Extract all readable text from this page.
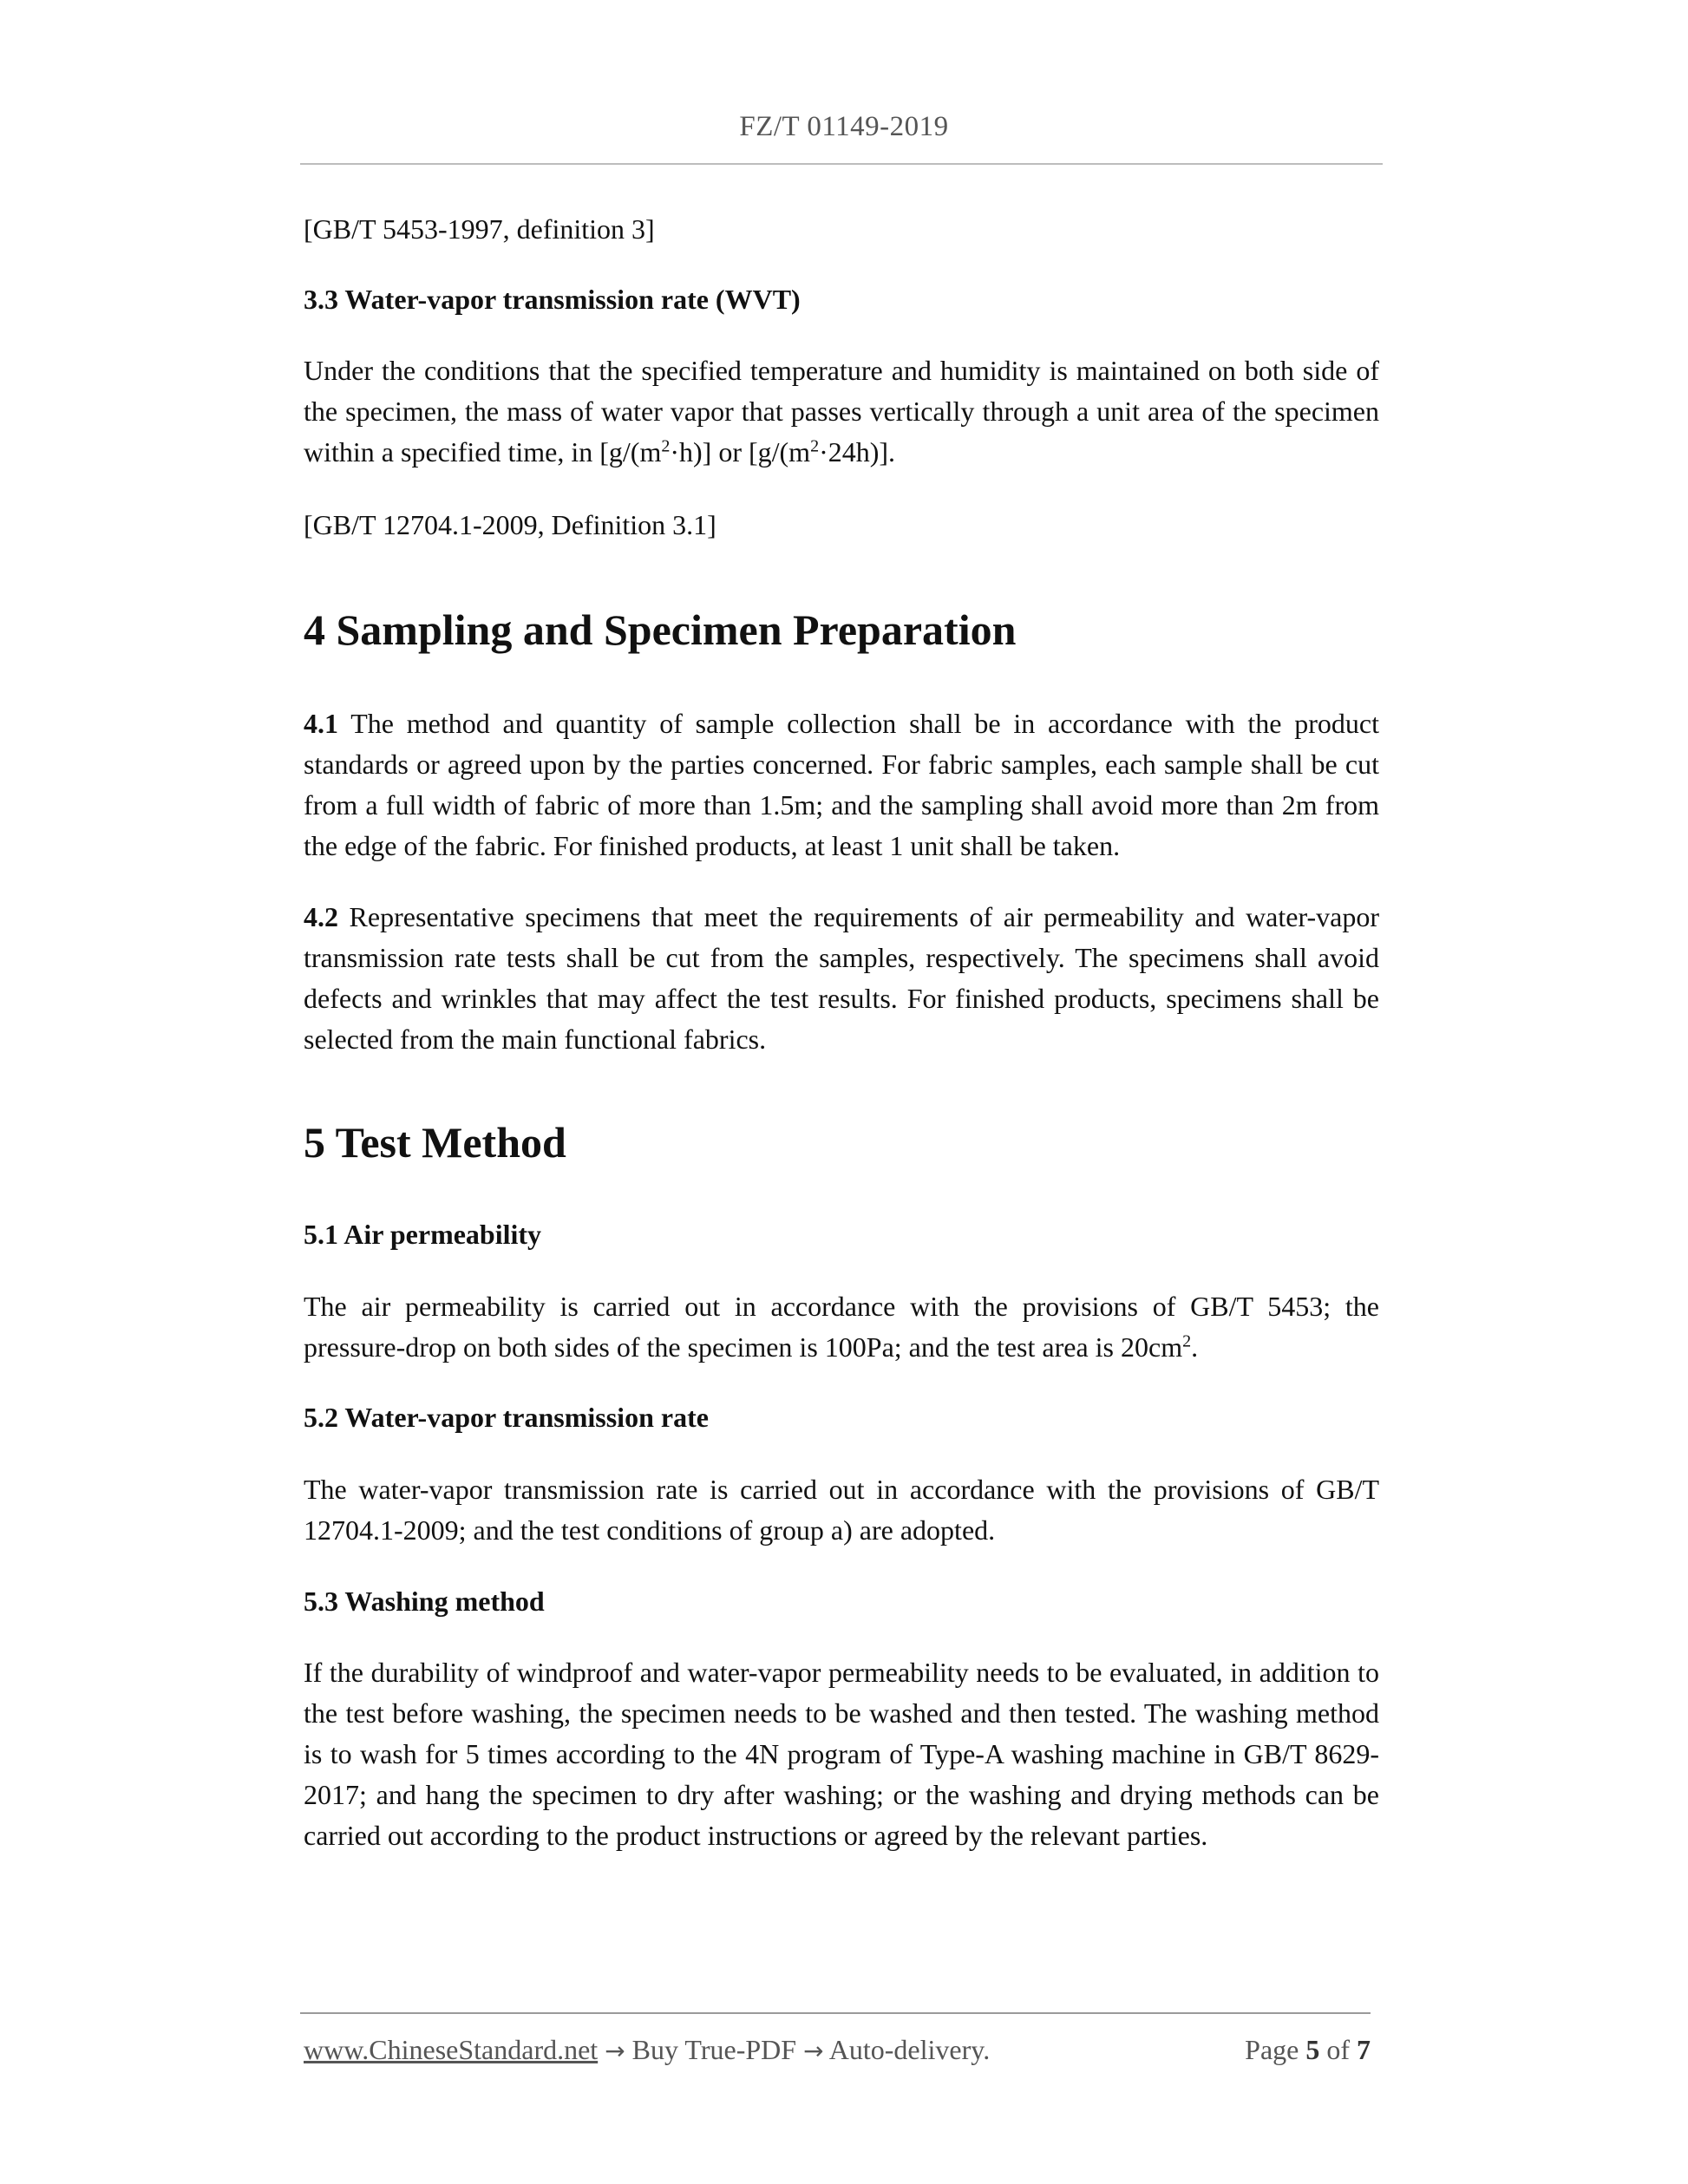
FZ/T 01149-2019

[GB/T 5453-1997, definition 3]

3.3 Water-vapor transmission rate (WVT)

Under the conditions that the specified temperature and humidity is maintained on both side of the specimen, the mass of water vapor that passes vertically through a unit area of the specimen within a specified time, in $[g/(m^2\cdot h)]$ or $[g/(m^2\cdot 24h)]$.

[GB/T 12704.1-2009, Definition 3.1]

4 Sampling and Specimen Preparation

4.1 The method and quantity of sample collection shall be in accordance with the product standards or agreed upon by the parties concerned. For fabric samples, each sample shall be cut from a full width of fabric of more than 1.5m; and the sampling shall avoid more than 2m from the edge of the fabric. For finished products, at least 1 unit shall be taken.

4.2 Representative specimens that meet the requirements of air permeability and water-vapor transmission rate tests shall be cut from the samples, respectively. The specimens shall avoid defects and wrinkles that may affect the test results. For finished products, specimens shall be selected from the main functional fabrics.

5 Test Method

5.1 Air permeability

The air permeability is carried out in accordance with the provisions of GB/T 5453; the pressure-drop on both sides of the specimen is 100Pa; and the test area is $20cm^2$.

5.2 Water-vapor transmission rate

The water-vapor transmission rate is carried out in accordance with the provisions of GB/T 12704.1-2009; and the test conditions of group a) are adopted.

5.3 Washing method

If the durability of windproof and water-vapor permeability needs to be evaluated, in addition to the test before washing, the specimen needs to be washed and then tested. The washing method is to wash for 5 times according to the 4N program of Type-A washing machine in GB/T 8629-2017; and hang the specimen to dry after washing; or the washing and drying methods can be carried out according to the product instructions or agreed by the relevant parties.

www.ChineseStandard.net → Buy True-PDF → Auto-delivery.	Page 5 of 7
